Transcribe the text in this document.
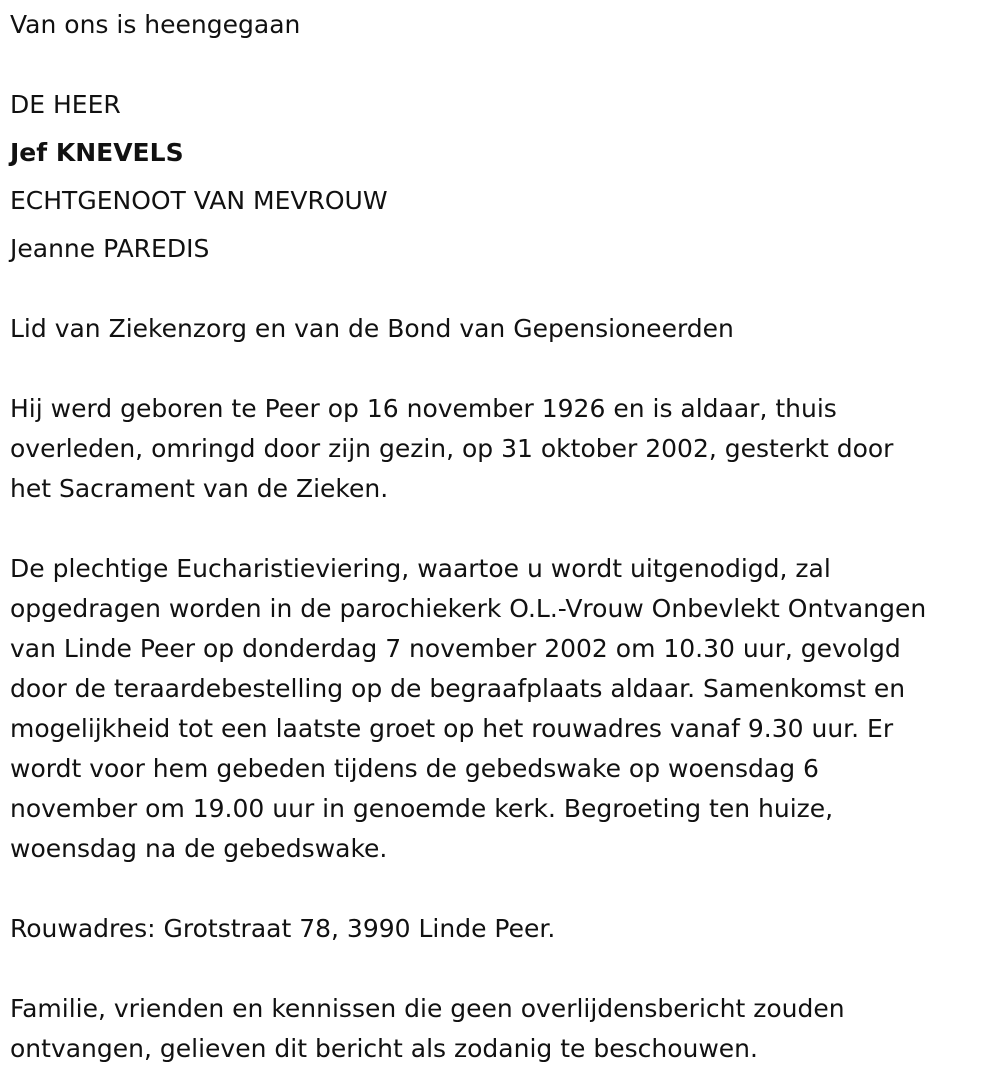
Van ons is heengegaan
DE HEER
Jef KNEVELS
ECHTGENOOT VAN MEVROUW
Jeanne PAREDIS
Lid van Ziekenzorg en van de Bond van Gepensioneerden
Hij werd geboren te Peer op 16 november 1926 en is aldaar, thuis
overleden, omringd door zijn gezin, op 31 oktober 2002, gesterkt door
het Sacrament van de Zieken.
De plechtige Eucharistieviering, waartoe u wordt uitgenodigd, zal
opgedragen worden in de parochiekerk O.L.-Vrouw Onbevlekt Ontvangen
van Linde Peer op donderdag 7 november 2002 om 10.30 uur, gevolgd
door de teraardebestelling op de begraafplaats aldaar. Samenkomst en
mogelijkheid tot een laatste groet op het rouwadres vanaf 9.30 uur. Er
wordt voor hem gebeden tijdens de gebedswake op woensdag 6
november om 19.00 uur in genoemde kerk. Begroeting ten huize,
woensdag na de gebedswake.
Rouwadres: Grotstraat 78, 3990 Linde Peer.
Familie, vrienden en kennissen die geen overlijdensbericht zouden
ontvangen, gelieven dit bericht als zodanig te beschouwen.
